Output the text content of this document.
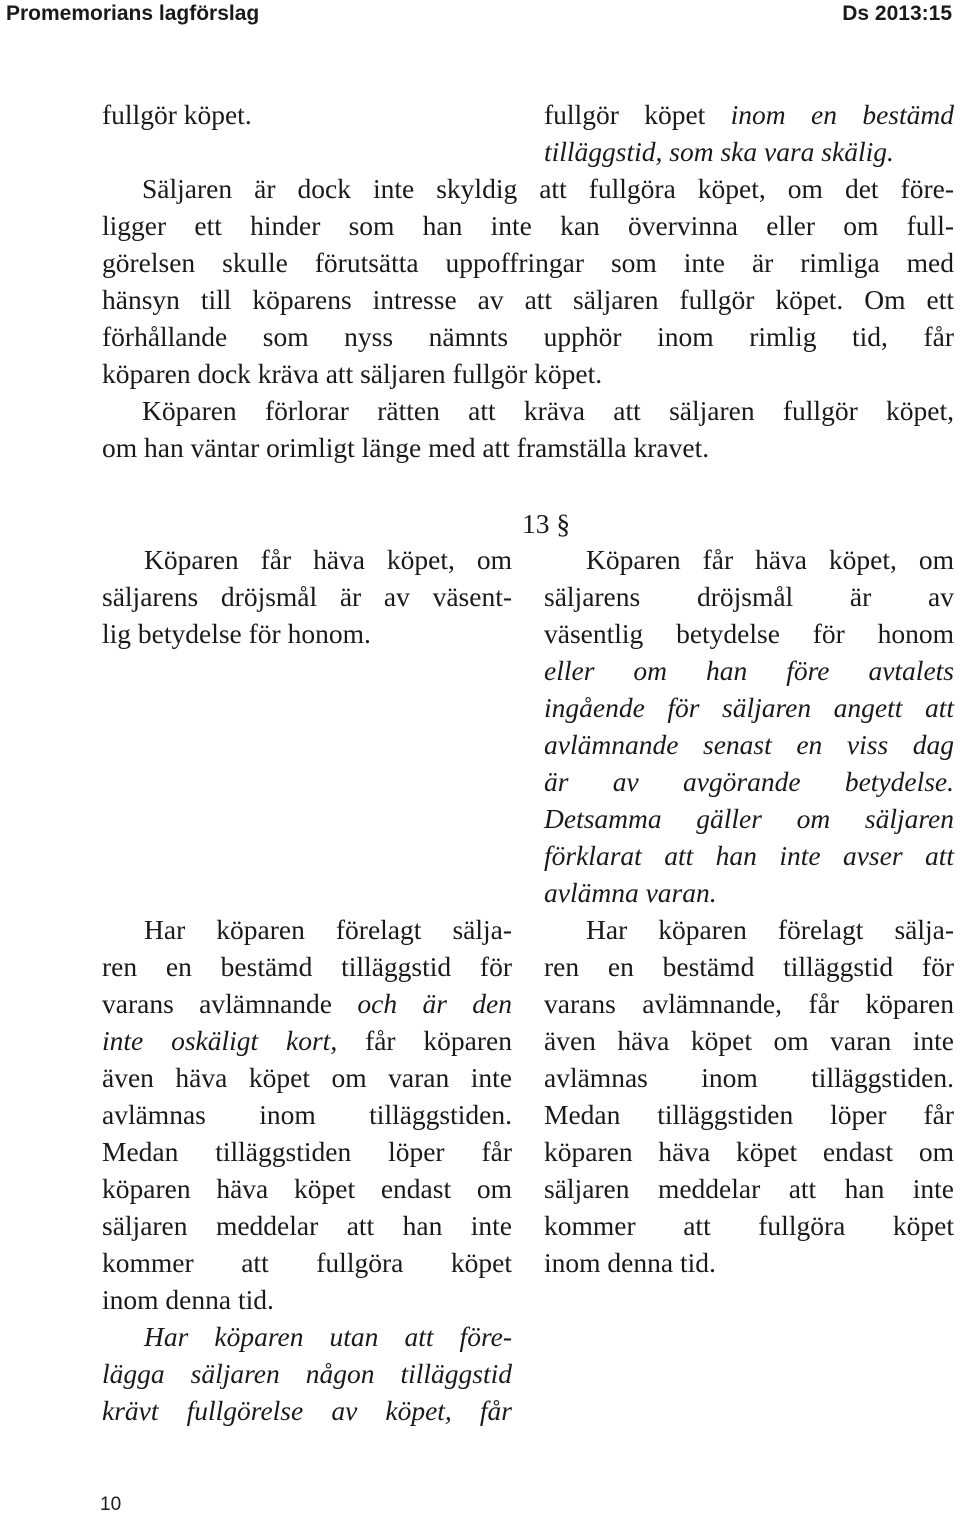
Promemorians lagförslag	Ds 2013:15
fullgör köpet.	fullgör köpet inom en bestämd
tilläggstid, som ska vara skälig.
Säljaren är dock inte skyldig att fullgöra köpet, om det före-
ligger ett hinder som han inte kan övervinna eller om full-
görelsen skulle förutsätta uppoffringar som inte är rimliga med
hänsyn till köparens intresse av att säljaren fullgör köpet. Om ett
förhållande som nyss nämnts upphör inom rimlig tid, får
köparen dock kräva att säljaren fullgör köpet.
Köparen förlorar rätten att kräva att säljaren fullgör köpet,
om han väntar orimligt länge med att framställa kravet.
13 §
Köparen får häva köpet, om
säljarens dröjsmål är av väsent-
lig betydelse för honom.
Har köparen förelagt sälja-
ren en bestämd tilläggstid för
varans avlämnande och är den
inte oskäligt kort, får köparen
även häva köpet om varan inte
avlämnas inom tilläggstiden.
Medan tilläggstiden löper får
köparen häva köpet endast om
säljaren meddelar att han inte
kommer att fullgöra köpet
inom denna tid.
Har köparen utan att före-
lägga säljaren någon tilläggstid
krävt fullgörelse av köpet, får
Köparen får häva köpet, om
säljarens dröjsmål är av
väsentlig betydelse för honom
eller om han före avtalets
ingående för säljaren angett att
avlämnande senast en viss dag
är av avgörande betydelse.
Detsamma gäller om säljaren
förklarat att han inte avser att
avlämna varan.
Har köparen förelagt sälja-
ren en bestämd tilläggstid för
varans avlämnande, får köparen
även häva köpet om varan inte
avlämnas inom tilläggstiden.
Medan tilläggstiden löper får
köparen häva köpet endast om
säljaren meddelar att han inte
kommer att fullgöra köpet
inom denna tid.
10
